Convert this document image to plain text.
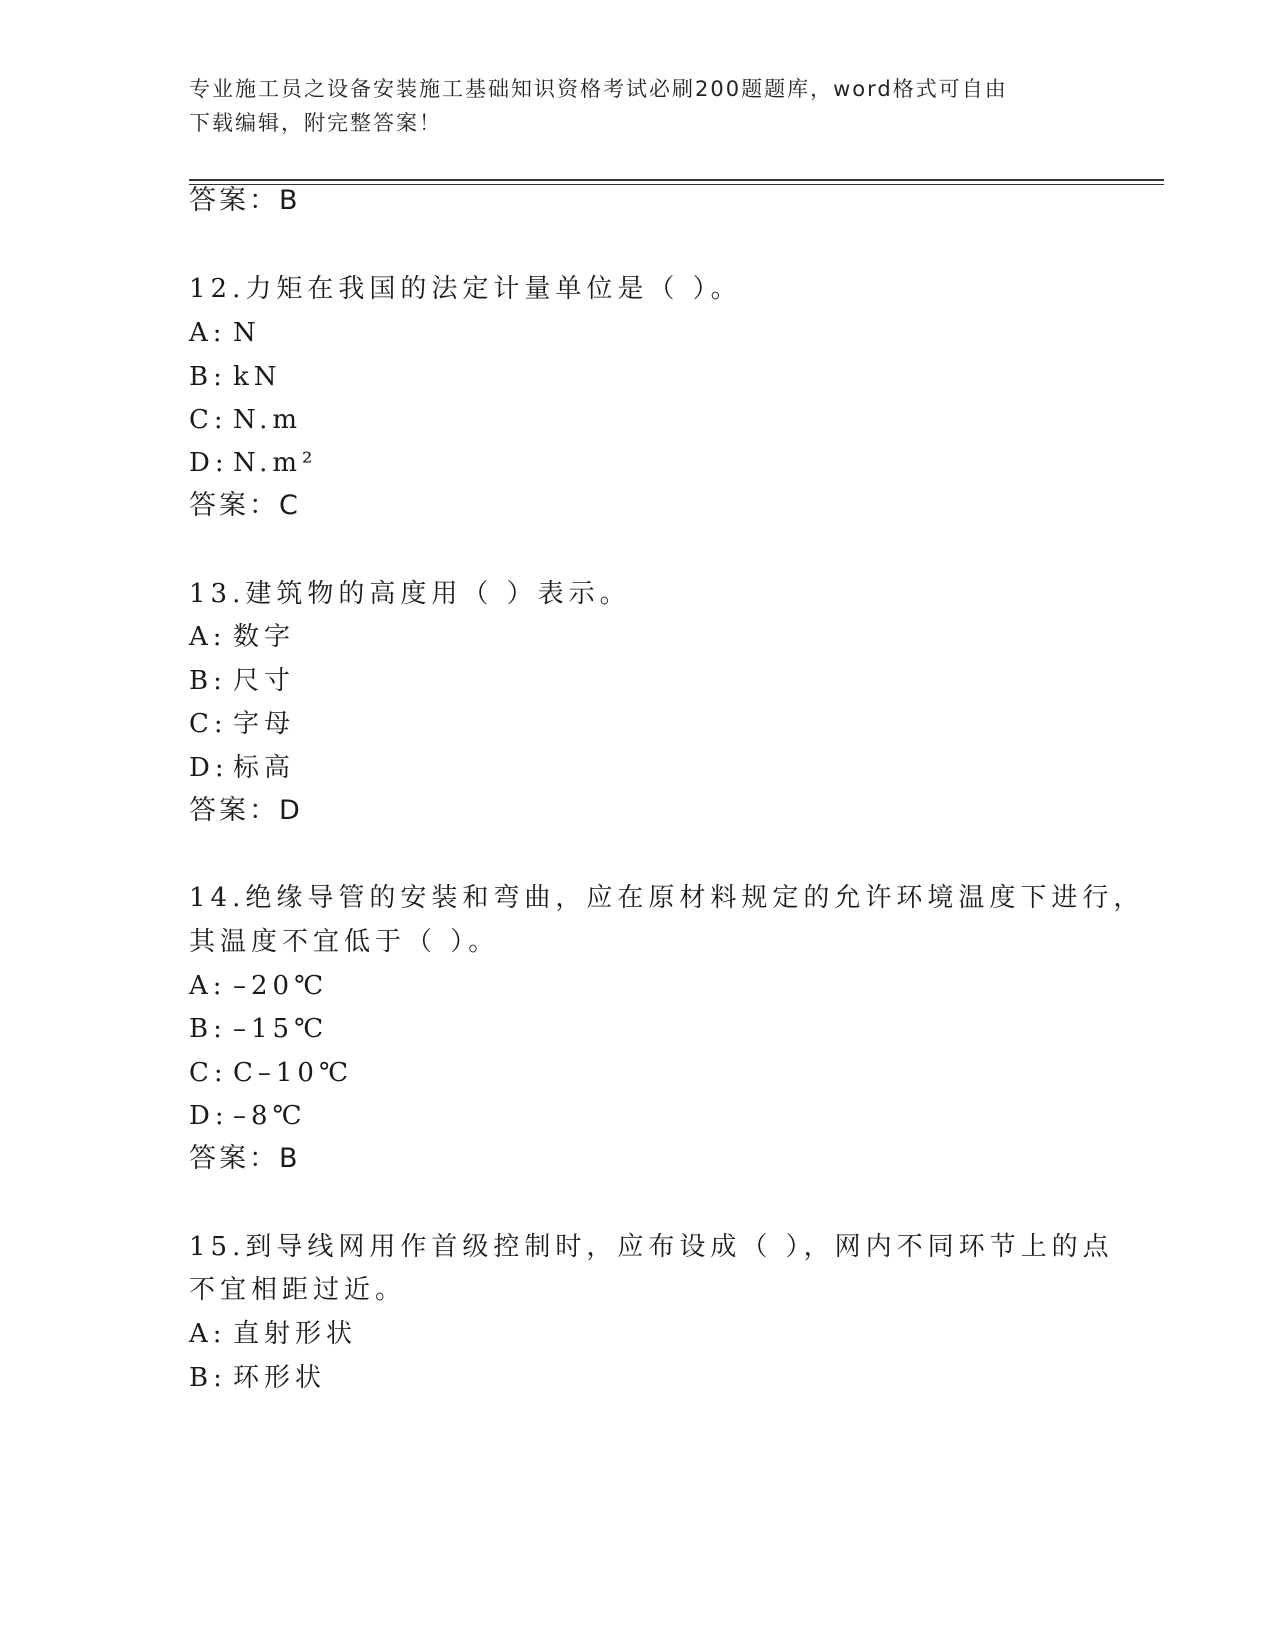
专业施工员之设备安装施工基础知识资格考试必刷200题题库，word格式可自由
下载编辑，附完整答案！
答案：B
12.力矩在我国的法定计量单位是（ ）。
A: N
B: kN
C: N.m
D: N.m²
答案：C
13.建筑物的高度用（ ）表示。
A: 数字
B: 尺寸
C: 字母
D: 标高
答案：D
14.绝缘导管的安装和弯曲，应在原材料规定的允许环境温度下进行，
其温度不宜低于（ ）。
A: –20℃
B: –15℃
C: C–10℃
D: –8℃
答案：B
15.到导线网用作首级控制时，应布设成（ ），网内不同环节上的点
不宜相距过近。
A: 直射形状
B: 环形状
